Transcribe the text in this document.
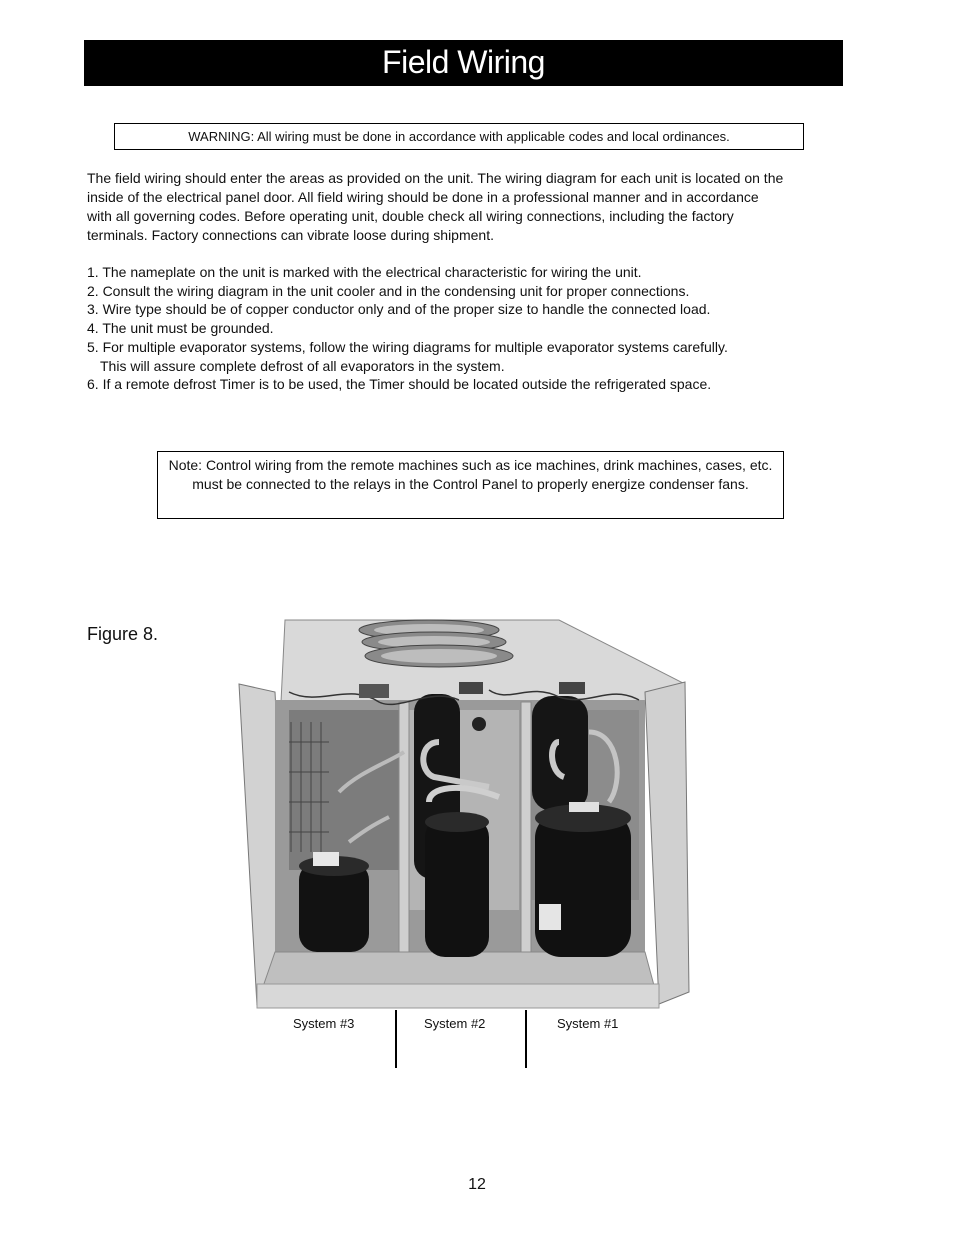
Field Wiring
WARNING: All wiring must be done in accordance with applicable codes and local ordinances.

The field wiring should enter the areas as provided on the unit. The wiring diagram for each unit is located on the inside of the electrical panel door. All field wiring should be done in a professional manner and in accordance with all governing codes. Before operating unit, double check all wiring connections, including the factory terminals. Factory connections can vibrate loose during shipment.

1. The nameplate on the unit is marked with the electrical characteristic for wiring the unit.
2. Consult the wiring diagram in the unit cooler and in the condensing unit for proper connections.
3. Wire type should be of copper conductor only and of the proper size to handle the connected load.
4. The unit must be grounded.
5. For multiple evaporator systems, follow the wiring diagrams for multiple evaporator systems carefully.
This will assure complete defrost of all evaporators in the system.
6. If a remote defrost Timer is to be used, the Timer should be located outside the refrigerated space.
Note: Control wiring from the remote machines such as ice machines, drink machines, cases, etc. must be connected to the relays in the Control Panel to properly energize condenser fans.
Figure 8.
System #3	System #2	System #1
12
